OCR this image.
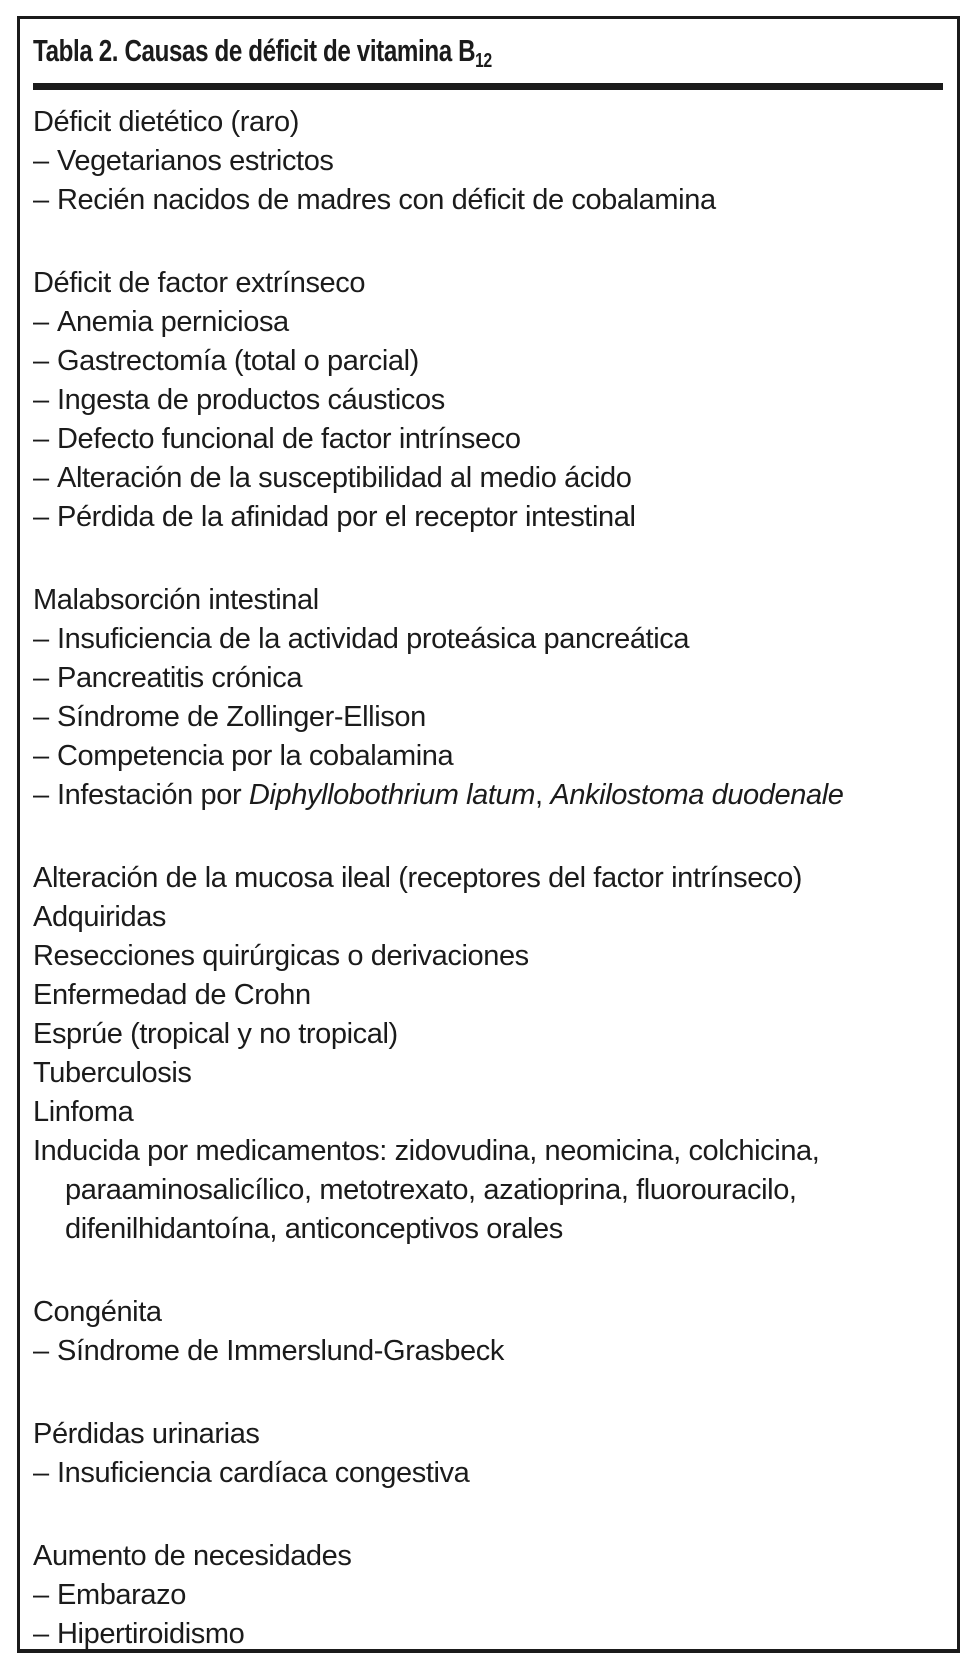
Tabla 2. Causas de déficit de vitamina $B_{12}$
Déficit dietético (raro)
– Vegetarianos estrictos
– Recién nacidos de madres con déficit de cobalamina
Déficit de factor extrínseco
– Anemia perniciosa
– Gastrectomía (total o parcial)
– Ingesta de productos cáusticos
– Defecto funcional de factor intrínseco
– Alteración de la susceptibilidad al medio ácido
– Pérdida de la afinidad por el receptor intestinal
Malabsorción intestinal
– Insuficiencia de la actividad proteásica pancreática
– Pancreatitis crónica
– Síndrome de Zollinger-Ellison
– Competencia por la cobalamina
– Infestación por Diphyllobothrium latum, Ankilostoma duodenale
Alteración de la mucosa ileal (receptores del factor intrínseco)
Adquiridas
Resecciones quirúrgicas o derivaciones
Enfermedad de Crohn
Esprúe (tropical y no tropical)
Tuberculosis
Linfoma
Inducida por medicamentos: zidovudina, neomicina, colchicina,
paraaminosalicílico, metotrexato, azatioprina, fluorouracilo,
difenilhidantoína, anticonceptivos orales
Congénita
– Síndrome de Immerslund-Grasbeck
Pérdidas urinarias
– Insuficiencia cardíaca congestiva
Aumento de necesidades
– Embarazo
– Hipertiroidismo
